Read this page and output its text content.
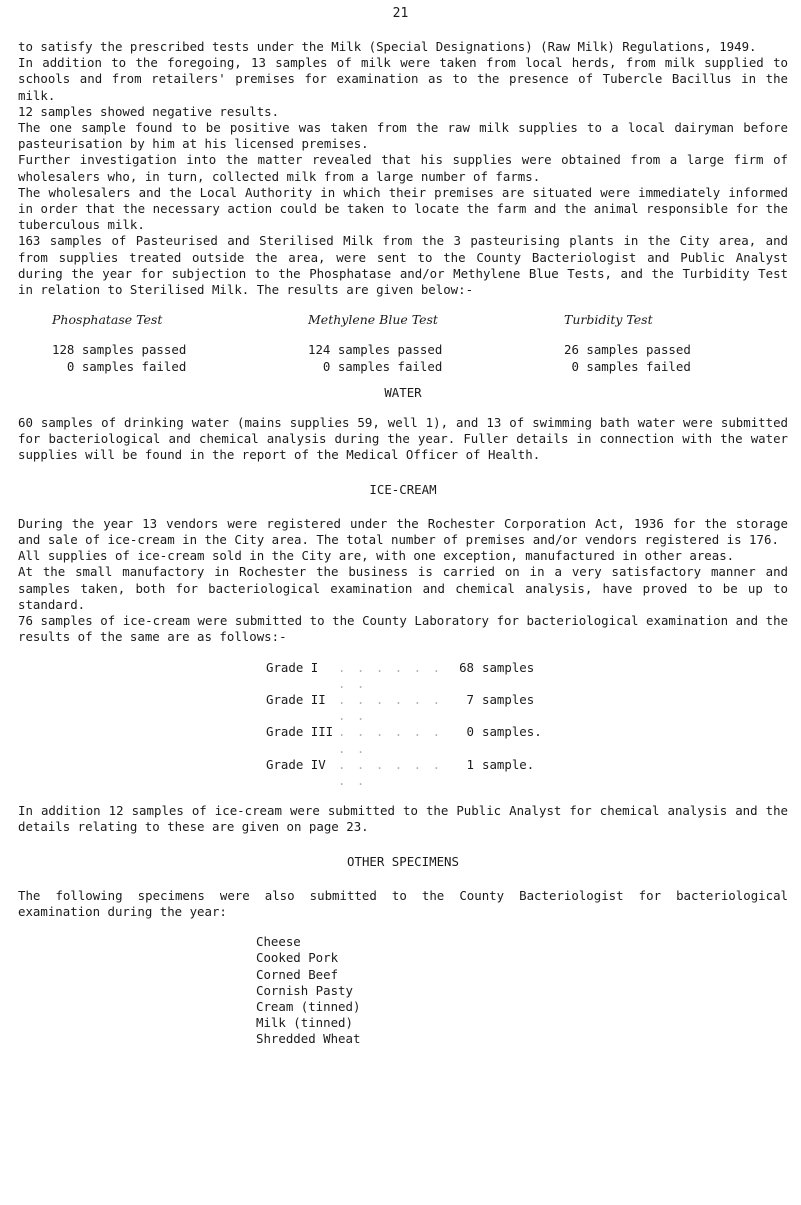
21

to satisfy the prescribed tests under the Milk (Special Designations) (Raw Milk) Regulations, 1949.

In addition to the foregoing, 13 samples of milk were taken from local herds, from milk supplied to schools and from retailers' premises for examination as to the presence of Tubercle Bacillus in the milk.

12 samples showed negative results.

The one sample found to be positive was taken from the raw milk supplies to a local dairyman before pasteurisation by him at his licensed premises.

Further investigation into the matter revealed that his supplies were obtained from a large firm of wholesalers who, in turn, collected milk from a large number of farms.

The wholesalers and the Local Authority in which their premises are situated were immediately informed in order that the necessary action could be taken to locate the farm and the animal responsible for the tuberculous milk.

163 samples of Pasteurised and Sterilised Milk from the 3 pasteurising plants in the City area, and from supplies treated outside the area, were sent to the County Bacteriologist and Public Analyst during the year for subjection to the Phosphatase and/or Methylene Blue Tests, and the Turbidity Test in relation to Sterilised Milk. The results are given below:-

Phosphatase Test
128 samples passed
0 samples failed
Methylene Blue Test
124 samples passed
0 samples failed
Turbidity Test
26 samples passed
0 samples failed
WATER

60 samples of drinking water (mains supplies 59, well 1), and 13 of swimming bath water were submitted for bacteriological and chemical analysis during the year. Fuller details in connection with the water supplies will be found in the report of the Medical Officer of Health.

ICE-CREAM

During the year 13 vendors were registered under the Rochester Corporation Act, 1936 for the storage and sale of ice-cream in the City area. The total number of premises and/or vendors registered is 176.

All supplies of ice-cream sold in the City are, with one exception, manufactured in other areas.

At the small manufactory in Rochester the business is carried on in a very satisfactory manner and samples taken, both for bacteriological examination and chemical analysis, have proved to be up to standard.

76 samples of ice-cream were submitted to the County Laboratory for bacteriological examination and the results of the same are as follows:-

Grade I	. . . . . . . .
68 samples
Grade II . . . . . . . .
7 samples
Grade III . . . . . . . .
0 samples.
Grade IV . . . . . . . .
1 sample.

In addition 12 samples of ice-cream were submitted to the Public Analyst for chemical analysis and the details relating to these are given on page 23.

OTHER SPECIMENS

The following specimens were also submitted to the County Bacteriologist for bacteriological examination during the year:

Cheese
Cooked Pork
Corned Beef
Cornish Pasty
Cream (tinned)
Milk (tinned)
Shredded Wheat
